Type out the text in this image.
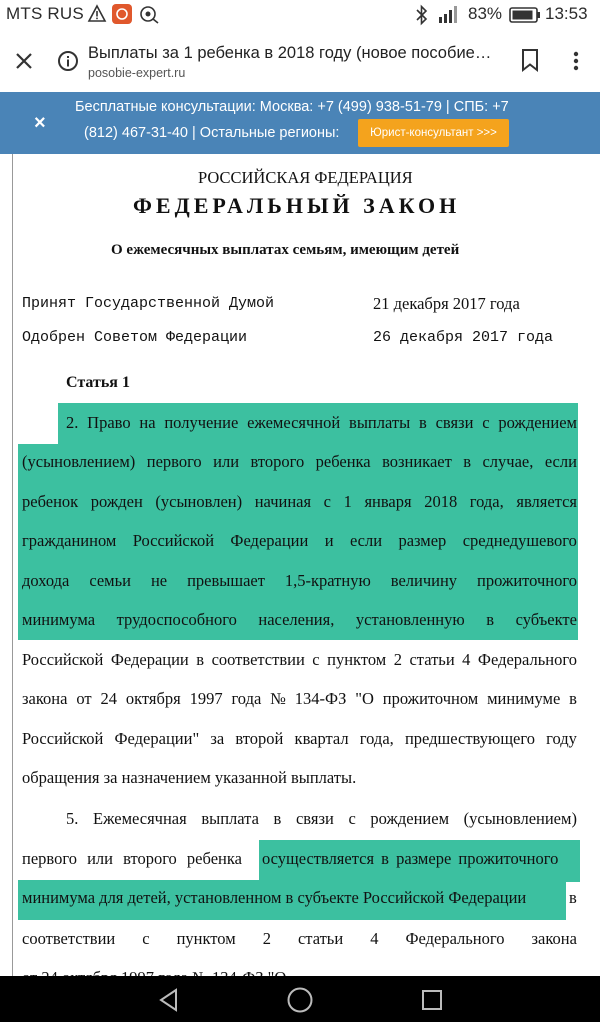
MTS RUS	83%	13:53
Выплаты за 1 ребенка в 2018 году (новое пособие…
posobie-expert.ru
×
Бесплатные консультации: Москва: +7 (499) 938-51-79 | СПБ: +7
(812) 467-31-40 | Остальные регионы:	Юрист-консультант >>>
РОССИЙСКАЯ ФЕДЕРАЦИЯ
ФЕДЕРАЛЬНЫЙ ЗАКОН
О ежемесячных выплатах семьям, имеющим детей
Принят Государственной Думой	21 декабря 2017 года
Одобрен Советом Федерации	26 декабря 2017 года
Статья 1
2. Право на получение ежемесячной выплаты в связи с рождением
(усыновлением) первого или второго ребенка возникает в случае, если
ребенок рожден (усыновлен) начиная с 1 января 2018 года, является
гражданином Российской Федерации и если размер среднедушевого
дохода семьи не превышает 1,5-кратную величину прожиточного
минимума трудоспособного населения, установленную в субъекте
Российской Федерации в соответствии с пунктом 2 статьи 4 Федерального
закона от 24 октября 1997 года № 134-ФЗ "О прожиточном минимуме в
Российской Федерации" за второй квартал года, предшествующего году
обращения за назначением указанной выплаты.
5. Ежемесячная выплата в связи с рождением (усыновлением)
первого или второго ребенка осуществляется в размере прожиточного
минимума для детей, установленном в субъекте Российской Федерации	в
соответствии с пунктом 2 статьи 4 Федерального закона
